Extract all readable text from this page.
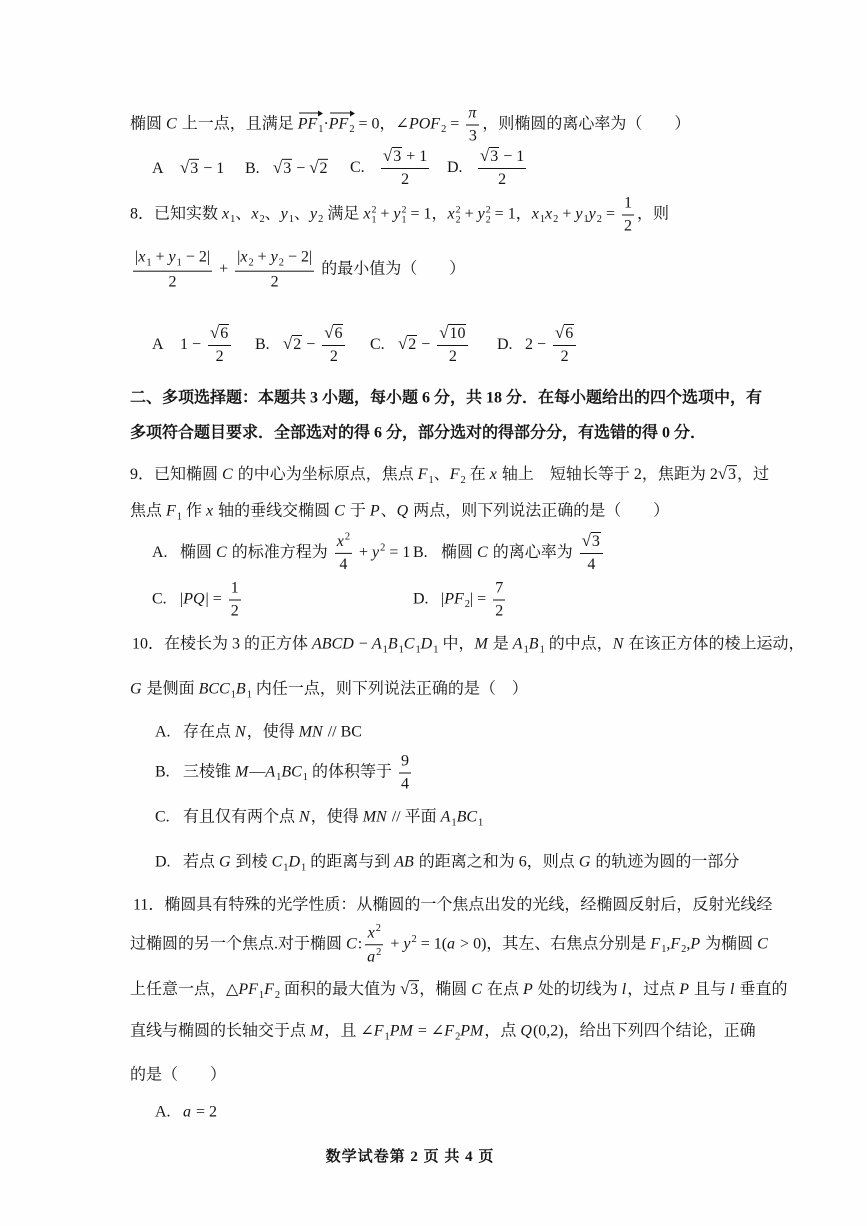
椭圆 C 上一点，且满足 $PF_1\cdot PF_2 = 0$，$\angle POF_2 = \frac{\pi}{3}$ ，则椭圆的离心率为（　　）
A √3 − 1 B. √3 − √2 C. $\frac{√3 + 1}{2} D$. $\frac{√3 - 1}{2}$
8．已知实数 $x_1$、$x_2$、$y_1$、$y_2$ 满足 x 2
1 + y 2
1 = 1，x 2
2 + y 2
2 = 1，$x_1x_2 + y_1y_2 = \frac{1}{2}$ ，则
$\frac{|x_1 + y_1 - 2|}{2} + \frac{|x_2 + y_2 - 2|}{2}$ 的最小值为（　　）
A $1 - \frac{√6}{2} B$. $√2 - \frac{√6}{2} C$. $√2 - \frac{√10}{2} D$. $2 - \frac{√6}{2}$
二、多项选择题：本题共 3 小题，每小题 6 分，共 18 分．在每小题给出的四个选项中，有
多项符合题目要求．全部选对的得 6 分，部分选对的得部分分，有选错的得 0 分．
9．已知椭圆 C 的中心为坐标原点，焦点 $F_1$、$F_2$ 在 x 轴上　短轴长等于 2，焦距为 2√3，过
焦点 $F_1$ 作 x 轴的垂线交椭圆 C 于 P、Q 两点，则下列说法正确的是（　　）
A. 椭圆 C 的标准方程为 $\frac{x^2}{4} + y^2 = 1$ B. 椭圆 C 的离心率为 $\frac{√3}{4}$
C. $|PQ| = \frac{1}{2}$	D. $|PF_2| = \frac{7}{2}$
10．在棱长为 3 的正方体 ABCD − $A_1B_1C_1D_1$ 中，M 是 $A_1B_1$ 的中点，N 在该正方体的棱上运动，
G 是侧面 $BCC_1B_1$ 内任一点，则下列说法正确的是（　）
A. 存在点 N，使得 MN // BC
B. 三棱锥 $M—A_1BC_1$ 的体积等于 $\frac{9}{4}$
C. 有且仅有两个点 N，使得 MN // 平面 $A_1BC_1$
D. 若点 G 到棱 $C_1D_1$ 的距离与到 AB 的距离之和为 6，则点 G 的轨迹为圆的一部分
11．椭圆具有特殊的光学性质：从椭圆的一个焦点出发的光线，经椭圆反射后，反射光线经
过椭圆的另一个焦点.对于椭圆 C: $\frac{x^2}{a^2} + y^2 = 1(a > 0)$，其左、右焦点分别是 $F_1,F_2,P$ 为椭圆 C
上任意一点，$\triangle PF_1F_2$ 面积的最大值为 √3，椭圆 C 在点 P 处的切线为 l，过点 P 且与 l 垂直的
直线与椭圆的长轴交于点 M，且 $\angle F_1PM$ = $\angle F_2PM$，点 Q(0,2)，给出下列四个结论，正确
的是（　　）
A. a = 2
数学试卷第 2 页 共 4 页
